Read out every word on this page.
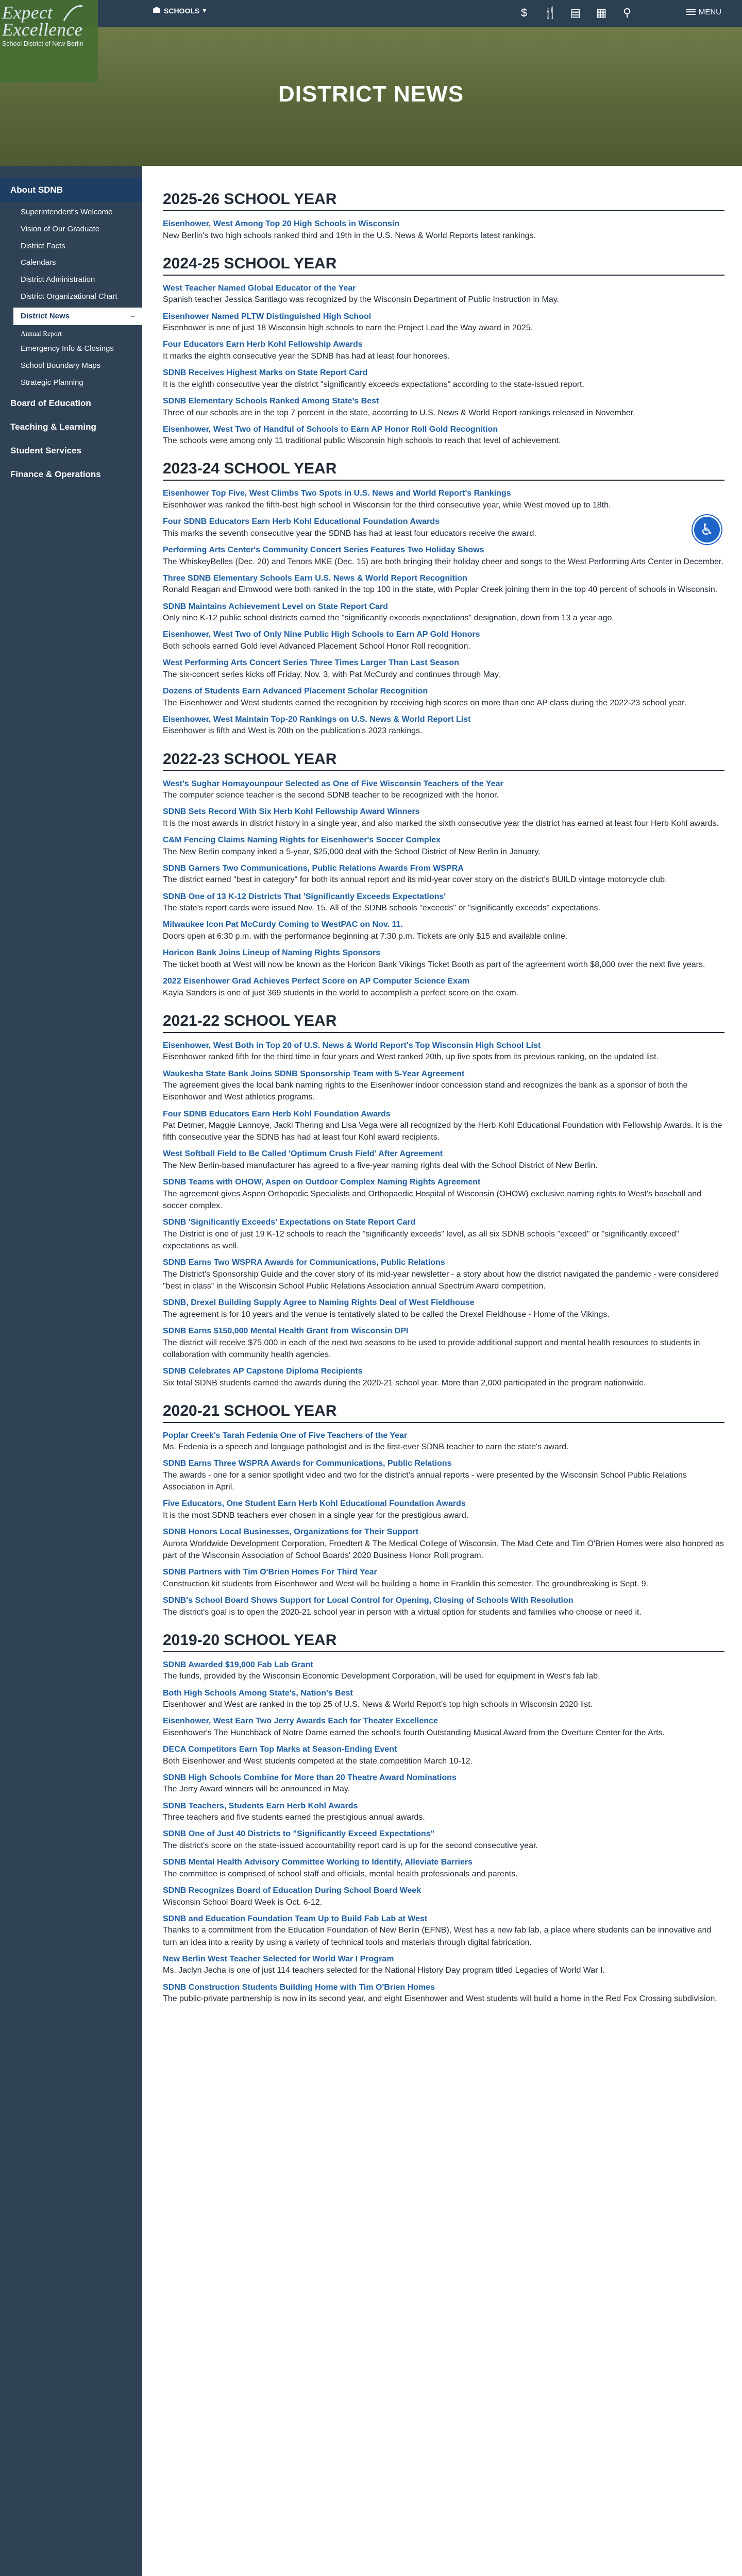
SCHOOLS ▾	$	🍴 ▤ ▦ ⚲	MENU
Expect
Excellence
School District of New Berlin
DISTRICT NEWS
About SDNB
Superintendent's Welcome
Vision of Our Graduate
District Facts
Calendars
District Administration
District Organizational Chart
District News	–
Annual Report
Emergency Info & Closings
School Boundary Maps
Strategic Planning
Board of Education
Teaching & Learning
Student Services
Finance & Operations
2025-26 SCHOOL YEAR
Eisenhower, West Among Top 20 High Schools in Wisconsin
New Berlin's two high schools ranked third and 19th in the U.S. News & World Reports latest rankings.
2024-25 SCHOOL YEAR
West Teacher Named Global Educator of the Year
Spanish teacher Jessica Santiago was recognized by the Wisconsin Department of Public Instruction in May.
Eisenhower Named PLTW Distinguished High School
Eisenhower is one of just 18 Wisconsin high schools to earn the Project Lead the Way award in 2025.
Four Educators Earn Herb Kohl Fellowship Awards
It marks the eighth consecutive year the SDNB has had at least four honorees.
SDNB Receives Highest Marks on State Report Card
It is the eighth consecutive year the district "significantly exceeds expectations" according to the state-issued report.
SDNB Elementary Schools Ranked Among State's Best
Three of our schools are in the top 7 percent in the state, according to U.S. News & World Report rankings released in November.
Eisenhower, West Two of Handful of Schools to Earn AP Honor Roll Gold Recognition
The schools were among only 11 traditional public Wisconsin high schools to reach that level of achievement.
2023-24 SCHOOL YEAR
Eisenhower Top Five, West Climbs Two Spots in U.S. News and World Report's Rankings
Eisenhower was ranked the fifth-best high school in Wisconsin for the third consecutive year, while West moved up to 18th.
Four SDNB Educators Earn Herb Kohl Educational Foundation Awards
This marks the seventh consecutive year the SDNB has had at least four educators receive the award.
Performing Arts Center's Community Concert Series Features Two Holiday Shows
The WhiskeyBelles (Dec. 20) and Tenors MKE (Dec. 15) are both bringing their holiday cheer and songs to the West Performing Arts Center in December.
Three SDNB Elementary Schools Earn U.S. News & World Report Recognition
Ronald Reagan and Elmwood were both ranked in the top 100 in the state, with Poplar Creek joining them in the top 40 percent of schools in Wisconsin.
SDNB Maintains Achievement Level on State Report Card
Only nine K-12 public school districts earned the "significantly exceeds expectations" designation, down from 13 a year ago.
Eisenhower, West Two of Only Nine Public High Schools to Earn AP Gold Honors
Both schools earned Gold level Advanced Placement School Honor Roll recognition.
West Performing Arts Concert Series Three Times Larger Than Last Season
The six-concert series kicks off Friday, Nov. 3, with Pat McCurdy and continues through May.
Dozens of Students Earn Advanced Placement Scholar Recognition
The Eisenhower and West students earned the recognition by receiving high scores on more than one AP class during the 2022-23 school year.
Eisenhower, West Maintain Top-20 Rankings on U.S. News & World Report List
Eisenhower is fifth and West is 20th on the publication's 2023 rankings.
2022-23 SCHOOL YEAR
West's Sughar Homayounpour Selected as One of Five Wisconsin Teachers of the Year
The computer science teacher is the second SDNB teacher to be recognized with the honor.
SDNB Sets Record With Six Herb Kohl Fellowship Award Winners
It is the most awards in district history in a single year, and also marked the sixth consecutive year the district has earned at least four Herb Kohl awards.
C&M Fencing Claims Naming Rights for Eisenhower's Soccer Complex
The New Berlin company inked a 5-year, $25,000 deal with the School District of New Berlin in January.
SDNB Garners Two Communications, Public Relations Awards From WSPRA
The district earned "best in category" for both its annual report and its mid-year cover story on the district's BUILD vintage motorcycle club.
SDNB One of 13 K-12 Districts That 'Significantly Exceeds Expectations'
The state's report cards were issued Nov. 15. All of the SDNB schools "exceeds" or "significantly exceeds" expectations.
Milwaukee Icon Pat McCurdy Coming to WestPAC on Nov. 11.
Doors open at 6:30 p.m. with the performance beginning at 7:30 p.m. Tickets are only $15 and available online.
Horicon Bank Joins Lineup of Naming Rights Sponsors
The ticket booth at West will now be known as the Horicon Bank Vikings Ticket Booth as part of the agreement worth $8,000 over the next five years.
2022 Eisenhower Grad Achieves Perfect Score on AP Computer Science Exam
Kayla Sanders is one of just 369 students in the world to accomplish a perfect score on the exam.
2021-22 SCHOOL YEAR
Eisenhower, West Both in Top 20 of U.S. News & World Report's Top Wisconsin High School List
Eisenhower ranked fifth for the third time in four years and West ranked 20th, up five spots from its previous ranking, on the updated list.
Waukesha State Bank Joins SDNB Sponsorship Team with 5-Year Agreement
The agreement gives the local bank naming rights to the Eisenhower indoor concession stand and recognizes the bank as a sponsor of both the Eisenhower and West athletics programs.
Four SDNB Educators Earn Herb Kohl Foundation Awards
Pat Detmer, Maggie Lannoye, Jacki Thering and Lisa Vega were all recognized by the Herb Kohl Educational Foundation with Fellowship Awards. It is the fifth consecutive year the SDNB has had at least four Kohl award recipients.
West Softball Field to Be Called 'Optimum Crush Field' After Agreement
The New Berlin-based manufacturer has agreed to a five-year naming rights deal with the School District of New Berlin.
SDNB Teams with OHOW, Aspen on Outdoor Complex Naming Rights Agreement
The agreement gives Aspen Orthopedic Specialists and Orthopaedic Hospital of Wisconsin (OHOW) exclusive naming rights to West's baseball and soccer complex.
SDNB 'Significantly Exceeds' Expectations on State Report Card
The District is one of just 19 K-12 schools to reach the "significantly exceeds" level, as all six SDNB schools "exceed" or "significantly exceed" expectations as well.
SDNB Earns Two WSPRA Awards for Communications, Public Relations
The District's Sponsorship Guide and the cover story of its mid-year newsletter - a story about how the district navigated the pandemic - were considered "best in class" in the Wisconsin School Public Relations Association annual Spectrum Award competition.
SDNB, Drexel Building Supply Agree to Naming Rights Deal of West Fieldhouse
The agreement is for 10 years and the venue is tentatively slated to be called the Drexel Fieldhouse - Home of the Vikings.
SDNB Earns $150,000 Mental Health Grant from Wisconsin DPI
The district will receive $75,000 in each of the next two seasons to be used to provide additional support and mental health resources to students in collaboration with community health agencies.
SDNB Celebrates AP Capstone Diploma Recipients
Six total SDNB students earned the awards during the 2020-21 school year. More than 2,000 participated in the program nationwide.
2020-21 SCHOOL YEAR
Poplar Creek's Tarah Fedenia One of Five Teachers of the Year
Ms. Fedenia is a speech and language pathologist and is the first-ever SDNB teacher to earn the state's award.
SDNB Earns Three WSPRA Awards for Communications, Public Relations
The awards - one for a senior spotlight video and two for the district's annual reports - were presented by the Wisconsin School Public Relations Association in April.
Five Educators, One Student Earn Herb Kohl Educational Foundation Awards
It is the most SDNB teachers ever chosen in a single year for the prestigious award.
SDNB Honors Local Businesses, Organizations for Their Support
Aurora Worldwide Development Corporation, Froedtert & The Medical College of Wisconsin, The Mad Cete and Tim O'Brien Homes were also honored as part of the Wisconsin Association of School Boards' 2020 Business Honor Roll program.
SDNB Partners with Tim O'Brien Homes For Third Year
Construction kit students from Eisenhower and West will be building a home in Franklin this semester. The groundbreaking is Sept. 9.
SDNB's School Board Shows Support for Local Control for Opening, Closing of Schools With Resolution
The district's goal is to open the 2020-21 school year in person with a virtual option for students and families who choose or need it.
2019-20 SCHOOL YEAR
SDNB Awarded $19,000 Fab Lab Grant
The funds, provided by the Wisconsin Economic Development Corporation, will be used for equipment in West's fab lab.
Both High Schools Among State's, Nation's Best
Eisenhower and West are ranked in the top 25 of U.S. News & World Report's top high schools in Wisconsin 2020 list.
Eisenhower, West Earn Two Jerry Awards Each for Theater Excellence
Eisenhower's The Hunchback of Notre Dame earned the school's fourth Outstanding Musical Award from the Overture Center for the Arts.
DECA Competitors Earn Top Marks at Season-Ending Event
Both Eisenhower and West students competed at the state competition March 10-12.
SDNB High Schools Combine for More than 20 Theatre Award Nominations
The Jerry Award winners will be announced in May.
SDNB Teachers, Students Earn Herb Kohl Awards
Three teachers and five students earned the prestigious annual awards.
SDNB One of Just 40 Districts to "Significantly Exceed Expectations"
The district's score on the state-issued accountability report card is up for the second consecutive year.
SDNB Mental Health Advisory Committee Working to Identify, Alleviate Barriers
The committee is comprised of school staff and officials, mental health professionals and parents.
SDNB Recognizes Board of Education During School Board Week
Wisconsin School Board Week is Oct. 6-12.
SDNB and Education Foundation Team Up to Build Fab Lab at West
Thanks to a commitment from the Education Foundation of New Berlin (EFNB), West has a new fab lab, a place where students can be innovative and turn an idea into a reality by using a variety of technical tools and materials through digital fabrication.
New Berlin West Teacher Selected for World War I Program
Ms. Jaclyn Jecha is one of just 114 teachers selected for the National History Day program titled Legacies of World War I.
SDNB Construction Students Building Home with Tim O'Brien Homes
The public-private partnership is now in its second year, and eight Eisenhower and West students will build a home in the Red Fox Crossing subdivision.
♿
